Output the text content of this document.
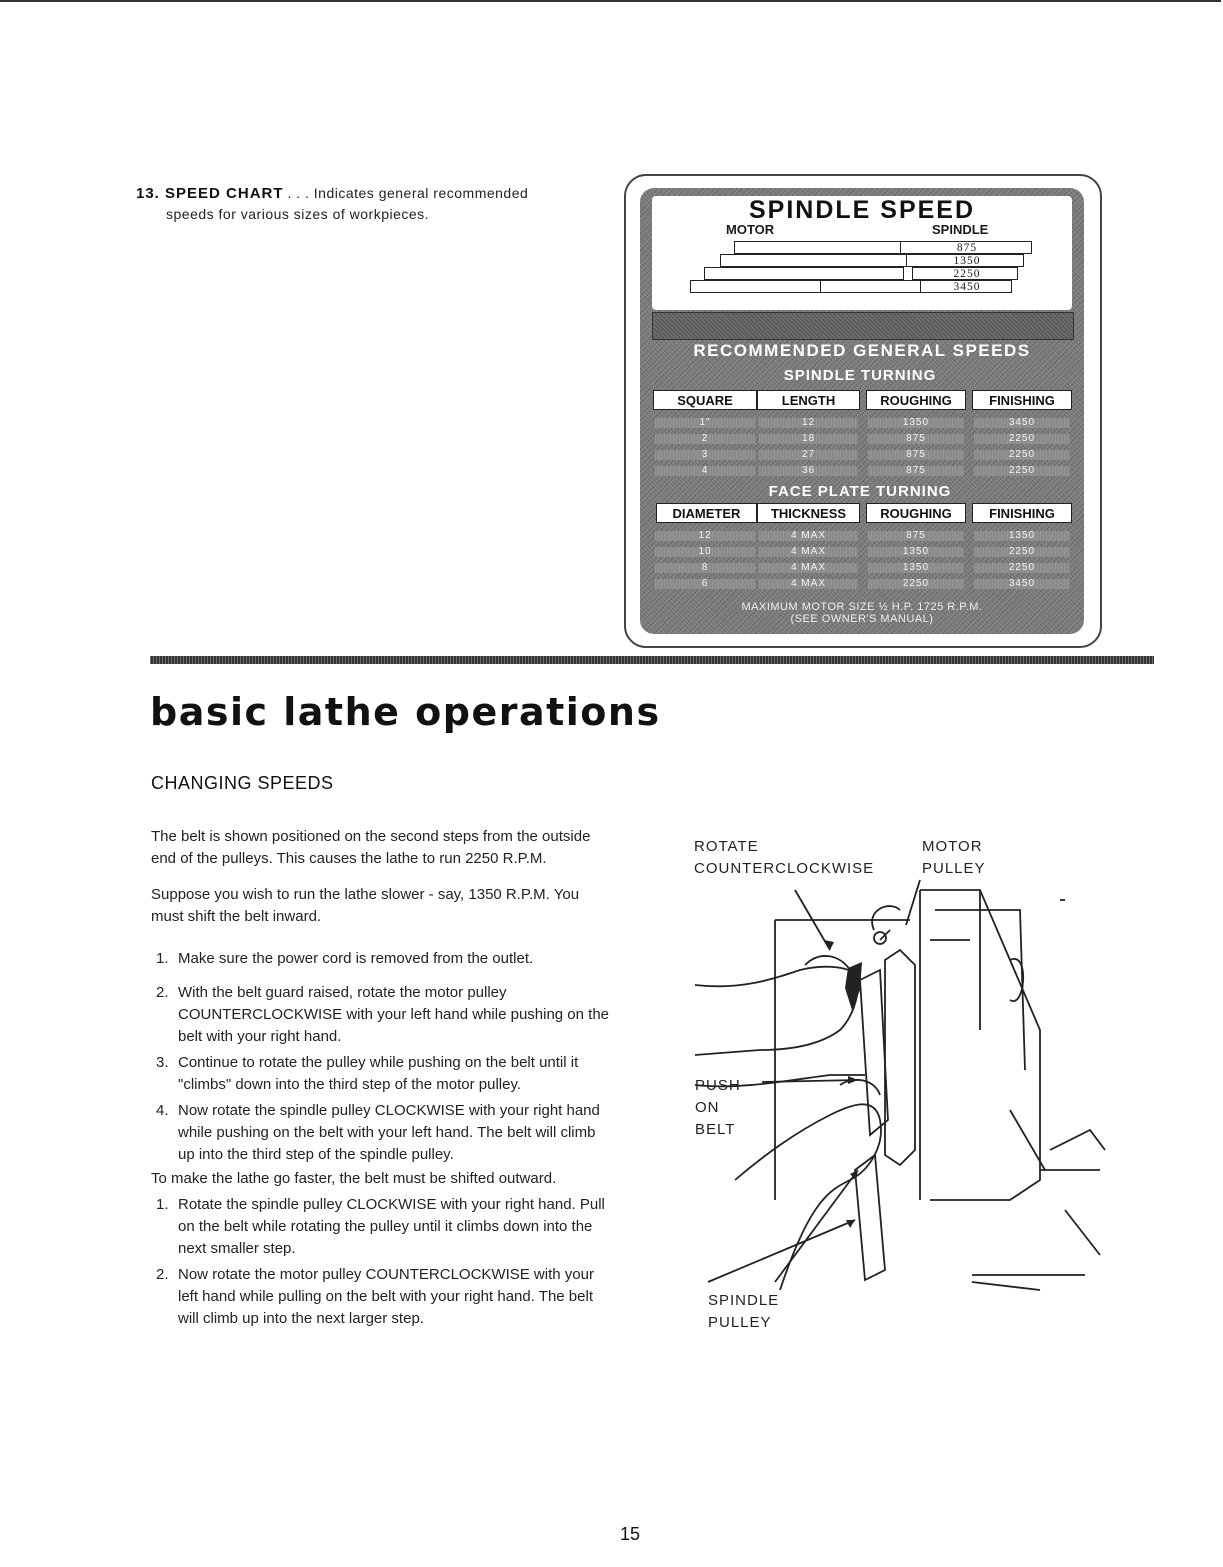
13. SPEED CHART . . . Indicates general recommended
speeds for various sizes of workpieces.	SPINDLE SPEED
MOTOR	SPINDLE
875
1350
2250
3450
RECOMMENDED GENERAL SPEEDS
SPINDLE TURNING
SQUARE	LENGTH	ROUGHING	FINISHING
1"	12	1350	3450
2	18	875	2250
3	27	875	2250
4	36	875	2250
FACE PLATE TURNING
DIAMETER	THICKNESS	ROUGHING	FINISHING
12	4 MAX	875	1350
10	4 MAX	1350	2250
8	4 MAX	1350	2250
6	4 MAX	2250	3450
MAXIMUM MOTOR SIZE ½ H.P. 1725 R.P.M.
(SEE OWNER'S MANUAL)
basic lathe operations
CHANGING SPEEDS

The belt is shown positioned on the second steps from the outside end of the pulleys. This causes the lathe to run 2250 R.P.M.

Suppose you wish to run the lathe slower - say, 1350 R.P.M. You must shift the belt inward.

1. Make sure the power cord is removed from the outlet.
2. With the belt guard raised, rotate the motor pulley COUNTERCLOCKWISE with your left hand while pushing on the belt with your right hand.
3. Continue to rotate the pulley while pushing on the belt until it "climbs" down into the third step of the motor pulley.
4. Now rotate the spindle pulley CLOCKWISE with your right hand while pushing on the belt with your left hand. The belt will climb up into the third step of the spindle pulley.

To make the lathe go faster, the belt must be shifted outward.

1. Rotate the spindle pulley CLOCKWISE with your right hand. Pull on the belt while rotating the pulley until it climbs down into the next smaller step.
2. Now rotate the motor pulley COUNTERCLOCKWISE with your left hand while pulling on the belt with your right hand. The belt will climb up into the next larger step.
ROTATE
COUNTERCLOCKWISE
MOTOR
PULLEY
PUSH
ON
BELT
SPINDLE
PULLEY
15
